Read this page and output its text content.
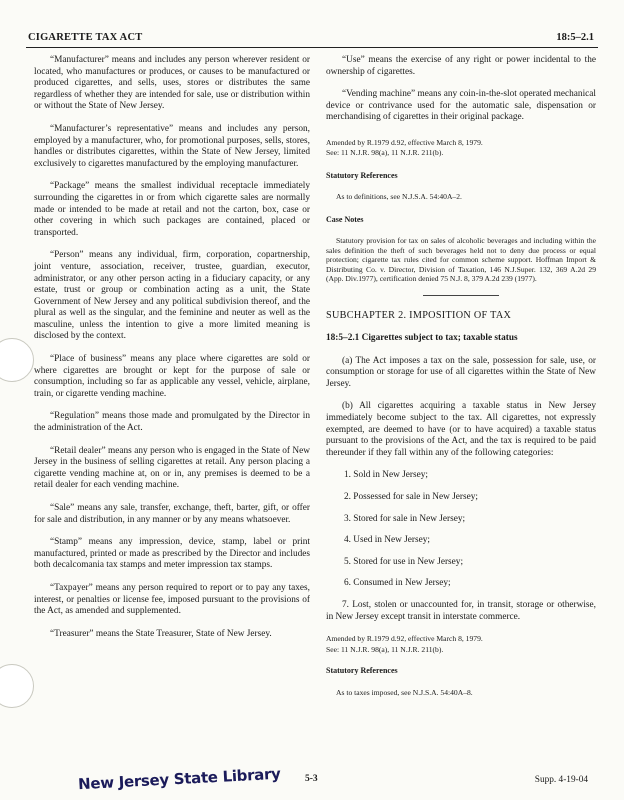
CIGARETTE TAX ACT	18:5–2.1

“Manufacturer” means and includes any person wherever resident or located, who manufactures or produces, or causes to be manufactured or produced cigarettes, and sells, uses, stores or distributes the same regardless of whether they are intended for sale, use or distribution within or without the State of New Jersey.

“Manufacturer’s representative” means and includes any person, employed by a manufacturer, who, for promotional purposes, sells, stores, handles or distributes cigarettes, within the State of New Jersey, limited exclusively to cigarettes manufactured by the employing manufacturer.

“Package” means the smallest individual receptacle immediately surrounding the cigarettes in or from which cigarette sales are normally made or intended to be made at retail and not the carton, box, case or other covering in which such packages are contained, placed or transported.

“Person” means any individual, firm, corporation, copartnership, joint venture, association, receiver, trustee, guardian, executor, administrator, or any other person acting in a fiduciary capacity, or any estate, trust or group or combination acting as a unit, the State Government of New Jersey and any political subdivision thereof, and the plural as well as the singular, and the feminine and neuter as well as the masculine, unless the intention to give a more limited meaning is disclosed by the context.

“Place of business” means any place where cigarettes are sold or where cigarettes are brought or kept for the purpose of sale or consumption, including so far as applicable any vessel, vehicle, airplane, train, or cigarette vending machine.

“Regulation” means those made and promulgated by the Director in the administration of the Act.

“Retail dealer” means any person who is engaged in the State of New Jersey in the business of selling cigarettes at retail. Any person placing a cigarette vending machine at, on or in, any premises is deemed to be a retail dealer for each vending machine.

“Sale” means any sale, transfer, exchange, theft, barter, gift, or offer for sale and distribution, in any manner or by any means whatsoever.

“Stamp” means any impression, device, stamp, label or print manufactured, printed or made as prescribed by the Director and includes both decalcomania tax stamps and meter impression tax stamps.

“Taxpayer” means any person required to report or to pay any taxes, interest, or penalties or license fee, imposed pursuant to the provisions of the Act, as amended and supplemented.

“Treasurer” means the State Treasurer, State of New Jersey.

“Use” means the exercise of any right or power incidental to the ownership of cigarettes.

“Vending machine” means any coin-in-the-slot operated mechanical device or contrivance used for the automatic sale, dispensation or merchandising of cigarettes in their original package.

Amended by R.1979 d.92, effective March 8, 1979.

See: 11 N.J.R. 98(a), 11 N.J.R. 211(b).

Statutory References

As to definitions, see N.J.S.A. 54:40A–2.

Case Notes

Statutory provision for tax on sales of alcoholic beverages and including within the sales definition the theft of such beverages held not to deny due process or equal protection; cigarette tax rules cited for common scheme support. Hoffman Import & Distributing Co. v. Director, Division of Taxation, 146 N.J.Super. 132, 369 A.2d 29 (App. Div.1977), certification denied 75 N.J. 8, 379 A.2d 239 (1977).

SUBCHAPTER 2. IMPOSITION OF TAX

18:5–2.1 Cigarettes subject to tax; taxable status

(a) The Act imposes a tax on the sale, possession for sale, use, or consumption or storage for use of all cigarettes within the State of New Jersey.

(b) All cigarettes acquiring a taxable status in New Jersey immediately become subject to the tax. All cigarettes, not expressly exempted, are deemed to have (or to have acquired) a taxable status pursuant to the provisions of the Act, and the tax is required to be paid thereunder if they fall within any of the following categories:

1. Sold in New Jersey;

2. Possessed for sale in New Jersey;

3. Stored for sale in New Jersey;

4. Used in New Jersey;

5. Stored for use in New Jersey;

6. Consumed in New Jersey;

7. Lost, stolen or unaccounted for, in transit, storage or otherwise, in New Jersey except transit in interstate commerce.

Amended by R.1979 d.92, effective March 8, 1979.

See: 11 N.J.R. 98(a), 11 N.J.R. 211(b).

Statutory References

As to taxes imposed, see N.J.S.A. 54:40A–8.

New Jersey State Library	5-3	Supp. 4-19-04
